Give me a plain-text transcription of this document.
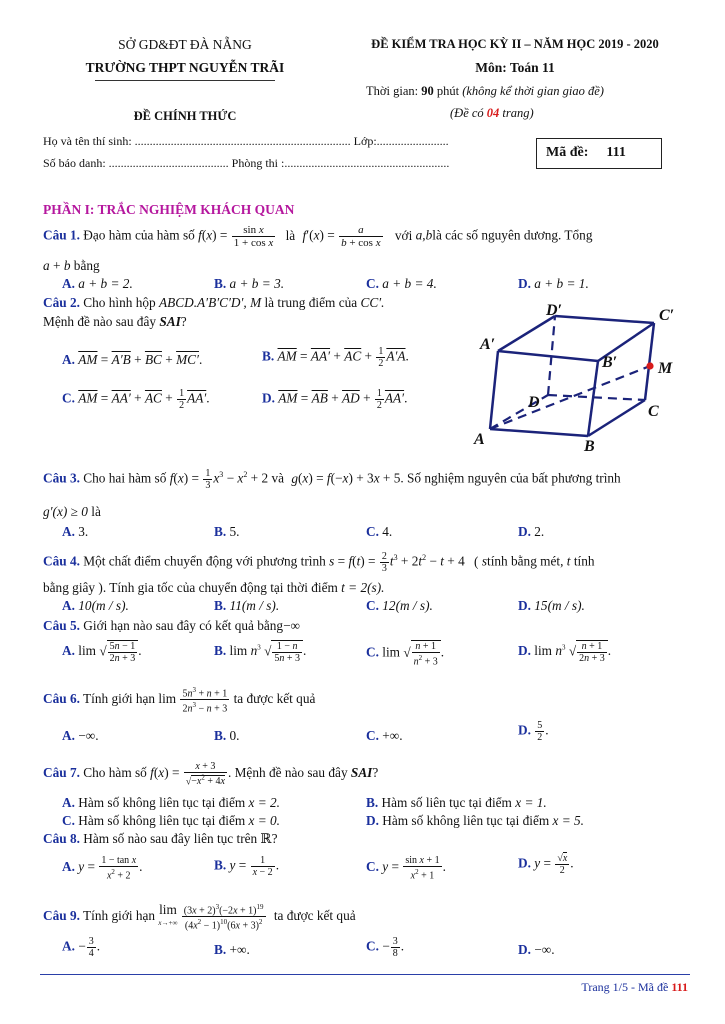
SỞ GD&ĐT ĐÀ NẴNG
TRƯỜNG THPT NGUYỄN TRÃI
ĐỀ KIỂM TRA HỌC KỲ II – NĂM HỌC 2019 - 2020
Môn: Toán 11
Thời gian: 90 phút (không kể thời gian giao đề)
(Đề có 04 trang)
ĐỀ CHÍNH THỨC
Họ và tên thí sinh: ........................................................................ Lớp:........................
Số báo danh: ........................................ Phòng thi :.......................................................
Mã đề: 111
PHẦN I: TRẮC NGHIỆM KHÁCH QUAN
Câu 1. Đạo hàm của hàm số $f(x) = \frac{\text{sin x}}{\text{1 + cos x}}$ là $f'(x) = \frac{a}{\text{b + cos x}}$ với a,blà các số nguyên dương. Tổng
a + b bằng
A. a + b = 2.	B. a + b = 3.	C. a + b = 4.	D. a + b = 1.
Câu 2. Cho hình hộp ABCD.A′B′C′D′, M là trung điểm của CC′.
Mệnh đề nào sau đây SAI?
A. $\overline{AM} = A'B + \overline{BC} + MC'$.	B. $\overline{AM} = AA' + \overline{AC} + \frac{1}{2} A'A$.
C. $\overline{AM} = AA' + \overline{AC} + \frac{1}{2} AA'$.	D. $\overline{AM} = \overline{AB} + \overline{AD} + \frac{1}{2} AA'$.
A	B
C
D
A′
B′
C′
D′
M
Câu 3. Cho hai hàm số $f(x) = \frac{1}{3} x^3 - x^2 + 2$ và g(x) = f(−x) + 3x + 5. Số nghiệm nguyên của bất phương trình
g′(x) ≥ 0 là
A. 3.	B. 5.	C. 4.	D. 2.
Câu 4. Một chất điểm chuyển động với phương trình $s = f(t) = \frac{2}{3} t^3 + 2t^2 - t + 4$ ( stính bằng mét, t tính
bằng giây ). Tính gia tốc của chuyển động tại thời điểm t = 2(s).
A. 10(m / s).	B. 11(m / s).	C. 12(m / s).	D. 15(m / s).
Câu 5. Giới hạn nào sau đây có kết quả bằng−∞
A. lim √ $\frac{5n - 1}{2n + 3}$ .	B. $\lim n^3$ √ $\frac{1 - n}{5n + 3}$ .	C. lim √ $\frac{n + 1}{n^2 + 3}$ .	D. $\lim n^3$ √ $\frac{n + 1}{2n + 3}$ .
Câu 6. Tính giới hạn $\lim \frac{5n^3 + n + 1}{2n^3 - n + 3}$ ta được kết quả
A. −∞.	B. 0.	C. +∞.	D. $\frac{5}{2}$ .
Câu 7. Cho hàm số $f(x) = \frac{x + 3}{√-x^2 + 4x}$ . Mệnh đề nào sau đây SAI?
A. Hàm số không liên tục tại điểm x = 2.	B. Hàm số liên tục tại điểm x = 1.
C. Hàm số không liên tục tại điểm x = 0.	D. Hàm số không liên tục tại điểm x = 5.
Câu 8. Hàm số nào sau đây liên tục trên ℝ?
A. $y = \frac{\text{1 − tan x}}{x^2 + 2}$ .	B. $y = \frac{1}{x - 2}$ .	C. $y = \frac{\text{sin x + 1}}{x^2 + 1}$ .	D. $y = \frac{√x}{2}$ .
Câu 9. Tính giới hạn lim
$x\to+\infty \frac{(3x + 2)^3(-2x + 1)^{19}}{(4x^2 - 1)^{10}(6x + 3)^2}$ ta được kết quả
A. − $\frac{3}{4}$ .	B. +∞.	C. − $\frac{3}{8}$ .	D. −∞.
Trang 1/5 - Mã đề 111
